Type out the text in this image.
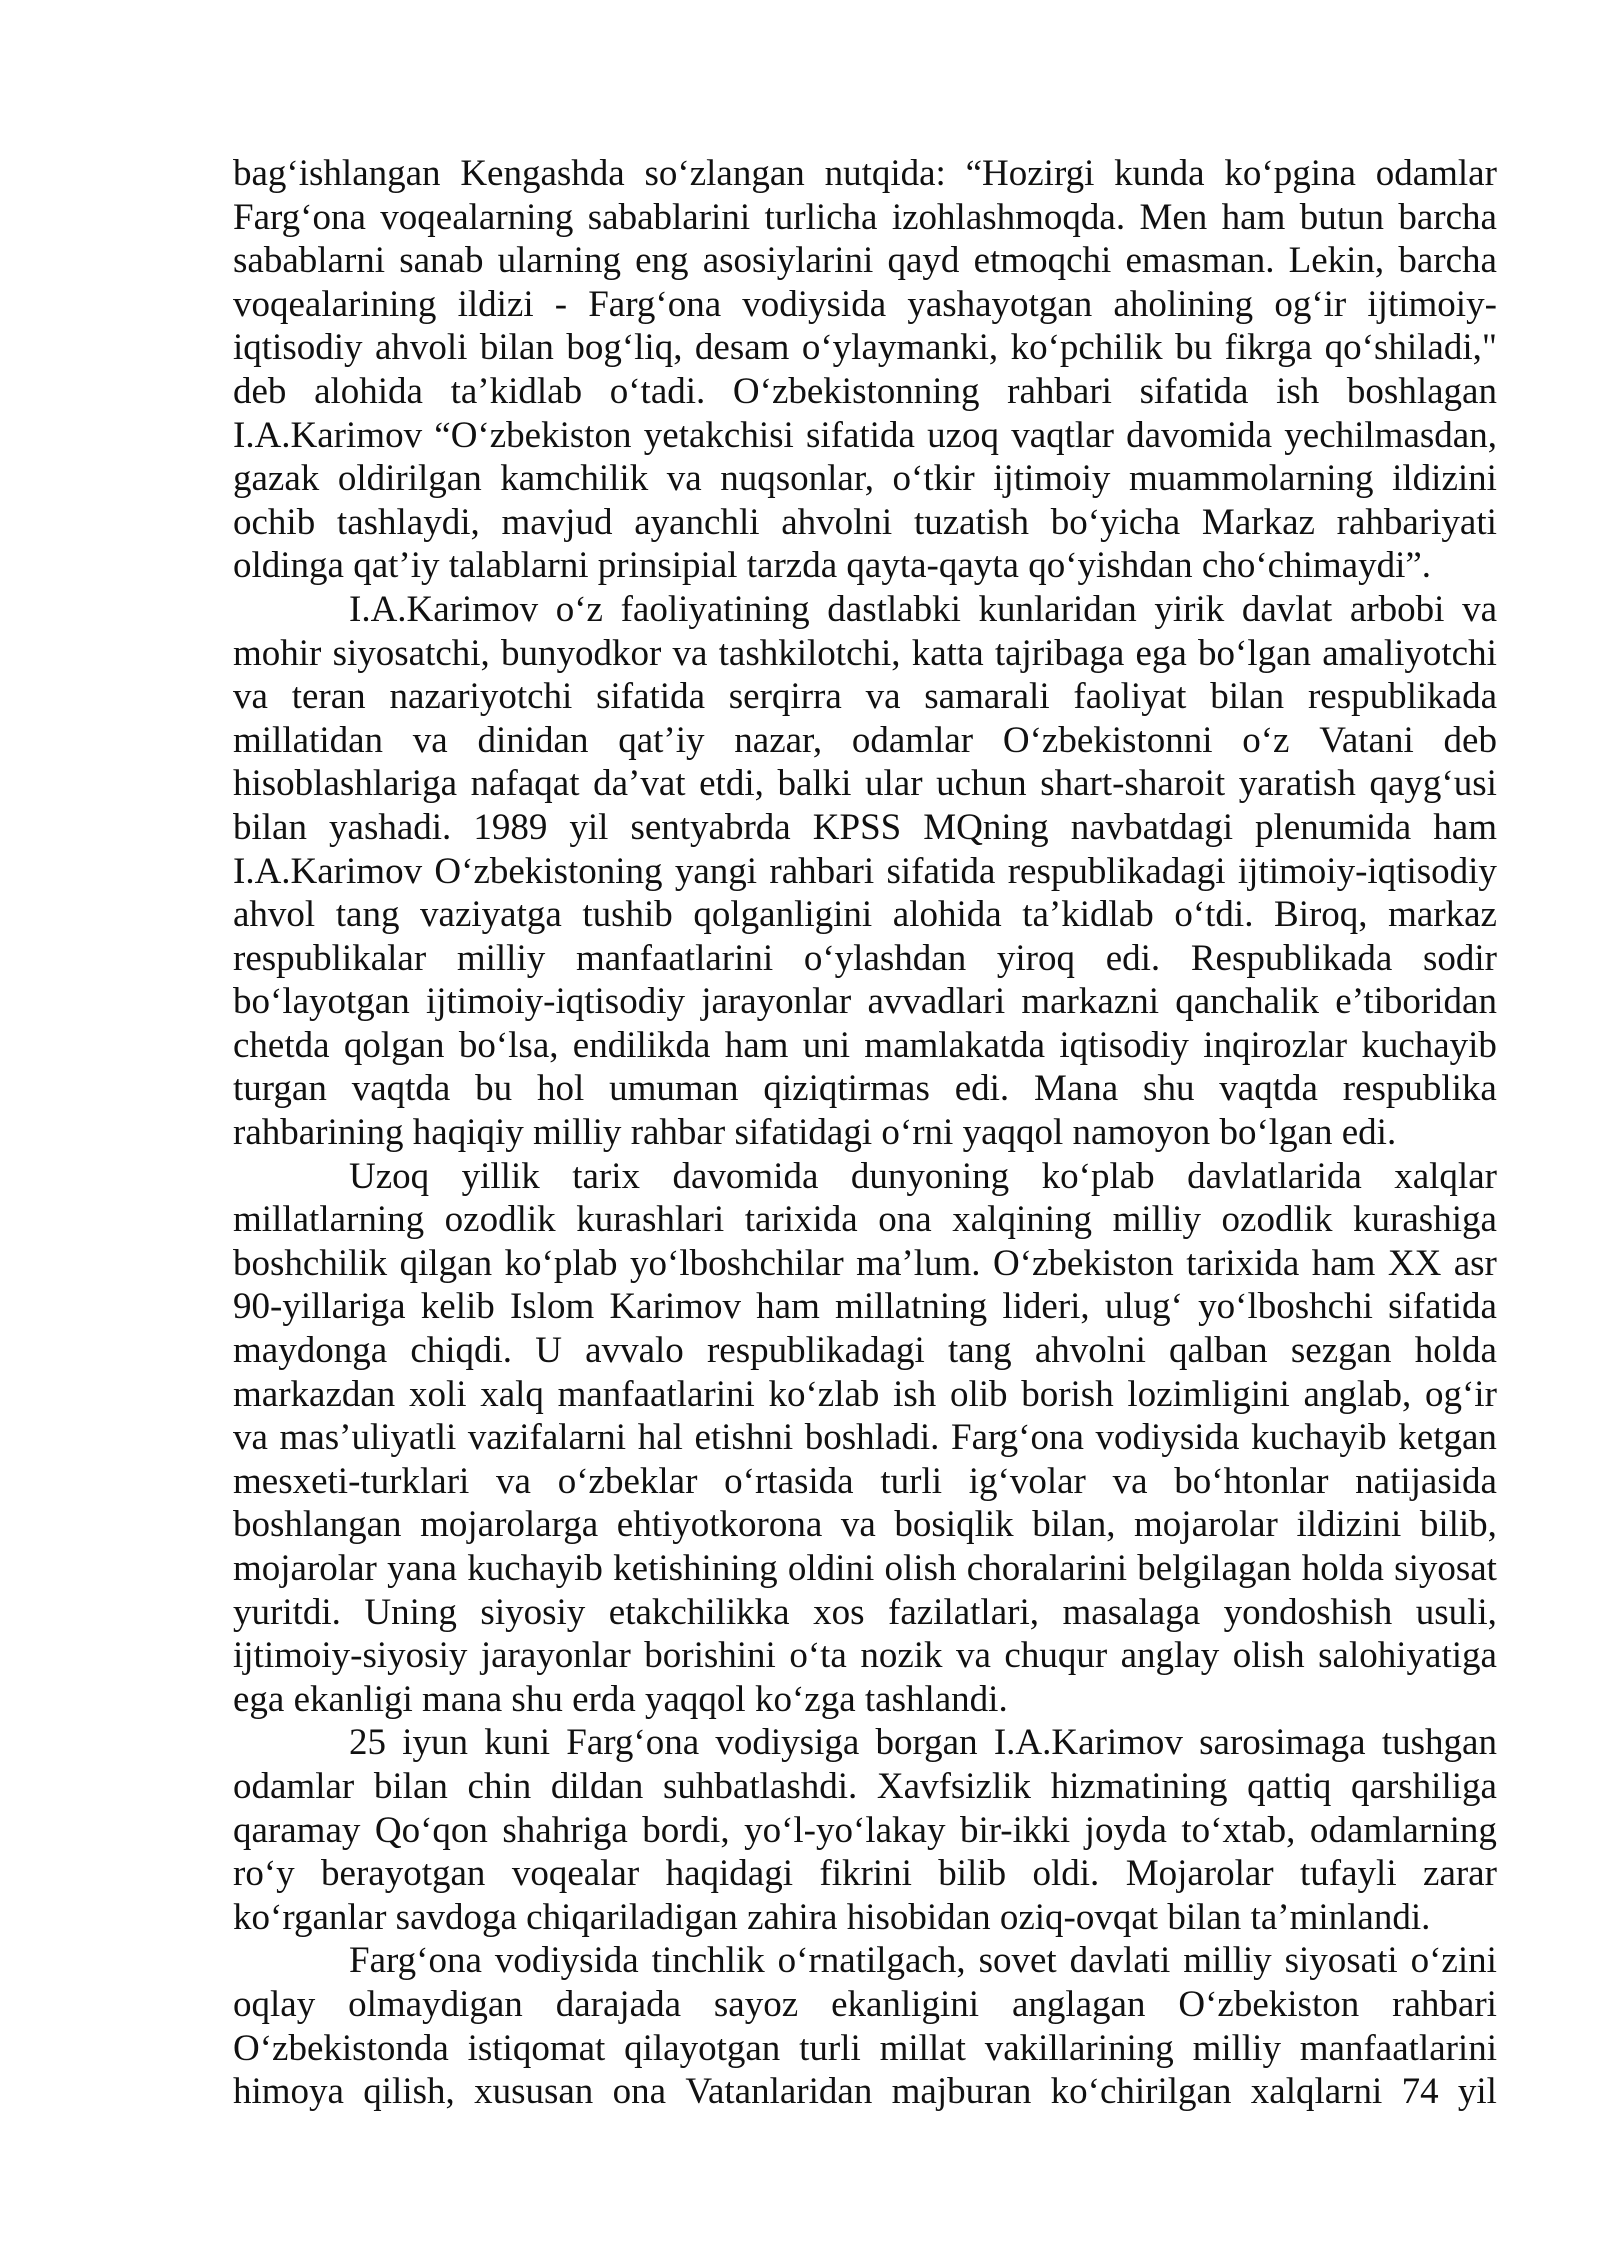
bag‘ishlangan Kengashda so‘zlangan nutqida: “Hozirgi kunda ko‘pgina odamlar
Farg‘ona voqealarning sabablarini turlicha izohlashmoqda. Men ham butun barcha
sabablarni sanab ularning eng asosiylarini qayd etmoqchi emasman. Lekin, barcha
voqealarining ildizi - Farg‘ona vodiysida yashayotgan aholining og‘ir ijtimoiy-
iqtisodiy ahvoli bilan bog‘liq, desam o‘ylaymanki, ko‘pchilik bu fikrga qo‘shiladi,"
deb alohida ta’kidlab o‘tadi. O‘zbekistonning rahbari sifatida ish boshlagan
I.A.Karimov “O‘zbekiston yetakchisi sifatida uzoq vaqtlar davomida yechilmasdan,
gazak oldirilgan kamchilik va nuqsonlar, o‘tkir ijtimoiy muammolarning ildizini
ochib tashlaydi, mavjud ayanchli ahvolni tuzatish bo‘yicha Markaz rahbariyati
oldinga qat’iy talablarni prinsipial tarzda qayta-qayta qo‘yishdan cho‘chimaydi”.
I.A.Karimov o‘z faoliyatining dastlabki kunlaridan yirik davlat arbobi va
mohir siyosatchi, bunyodkor va tashkilotchi, katta tajribaga ega bo‘lgan amaliyotchi
va teran nazariyotchi sifatida serqirra va samarali faoliyat bilan respublikada
millatidan va dinidan qat’iy nazar, odamlar O‘zbekistonni o‘z Vatani deb
hisoblashlariga nafaqat da’vat etdi, balki ular uchun shart-sharoit yaratish qayg‘usi
bilan yashadi. 1989 yil sentyabrda KPSS MQning navbatdagi plenumida ham
I.A.Karimov O‘zbekistoning yangi rahbari sifatida respublikadagi ijtimoiy-iqtisodiy
ahvol tang vaziyatga tushib qolganligini alohida ta’kidlab o‘tdi. Biroq, markaz
respublikalar milliy manfaatlarini o‘ylashdan yiroq edi. Respublikada sodir
bo‘layotgan ijtimoiy-iqtisodiy jarayonlar avvadlari markazni qanchalik e’tiboridan
chetda qolgan bo‘lsa, endilikda ham uni mamlakatda iqtisodiy inqirozlar kuchayib
turgan vaqtda bu hol umuman qiziqtirmas edi. Mana shu vaqtda respublika
rahbarining haqiqiy milliy rahbar sifatidagi o‘rni yaqqol namoyon bo‘lgan edi.
Uzoq yillik tarix davomida dunyoning ko‘plab davlatlarida xalqlar
millatlarning ozodlik kurashlari tarixida ona xalqining milliy ozodlik kurashiga
boshchilik qilgan ko‘plab yo‘lboshchilar ma’lum. O‘zbekiston tarixida ham XX asr
90-yillariga kelib Islom Karimov ham millatning lideri, ulug‘ yo‘lboshchi sifatida
maydonga chiqdi. U avvalo respublikadagi tang ahvolni qalban sezgan holda
markazdan xoli xalq manfaatlarini ko‘zlab ish olib borish lozimligini anglab, og‘ir
va mas’uliyatli vazifalarni hal etishni boshladi. Farg‘ona vodiysida kuchayib ketgan
mesxeti-turklari va o‘zbeklar o‘rtasida turli ig‘volar va bo‘htonlar natijasida
boshlangan mojarolarga ehtiyotkorona va bosiqlik bilan, mojarolar ildizini bilib,
mojarolar yana kuchayib ketishining oldini olish choralarini belgilagan holda siyosat
yuritdi. Uning siyosiy etakchilikka xos fazilatlari, masalaga yondoshish usuli,
ijtimoiy-siyosiy jarayonlar borishini o‘ta nozik va chuqur anglay olish salohiyatiga
ega ekanligi mana shu erda yaqqol ko‘zga tashlandi.
25 iyun kuni Farg‘ona vodiysiga borgan I.A.Karimov sarosimaga tushgan
odamlar bilan chin dildan suhbatlashdi. Xavfsizlik hizmatining qattiq qarshiliga
qaramay Qo‘qon shahriga bordi, yo‘l-yo‘lakay bir-ikki joyda to‘xtab, odamlarning
ro‘y berayotgan voqealar haqidagi fikrini bilib oldi. Mojarolar tufayli zarar
ko‘rganlar savdoga chiqariladigan zahira hisobidan oziq-ovqat bilan ta’minlandi.
Farg‘ona vodiysida tinchlik o‘rnatilgach, sovet davlati milliy siyosati o‘zini
oqlay olmaydigan darajada sayoz ekanligini anglagan O‘zbekiston rahbari
O‘zbekistonda istiqomat qilayotgan turli millat vakillarining milliy manfaatlarini
himoya qilish, xususan ona Vatanlaridan majburan ko‘chirilgan xalqlarni 74 yil
